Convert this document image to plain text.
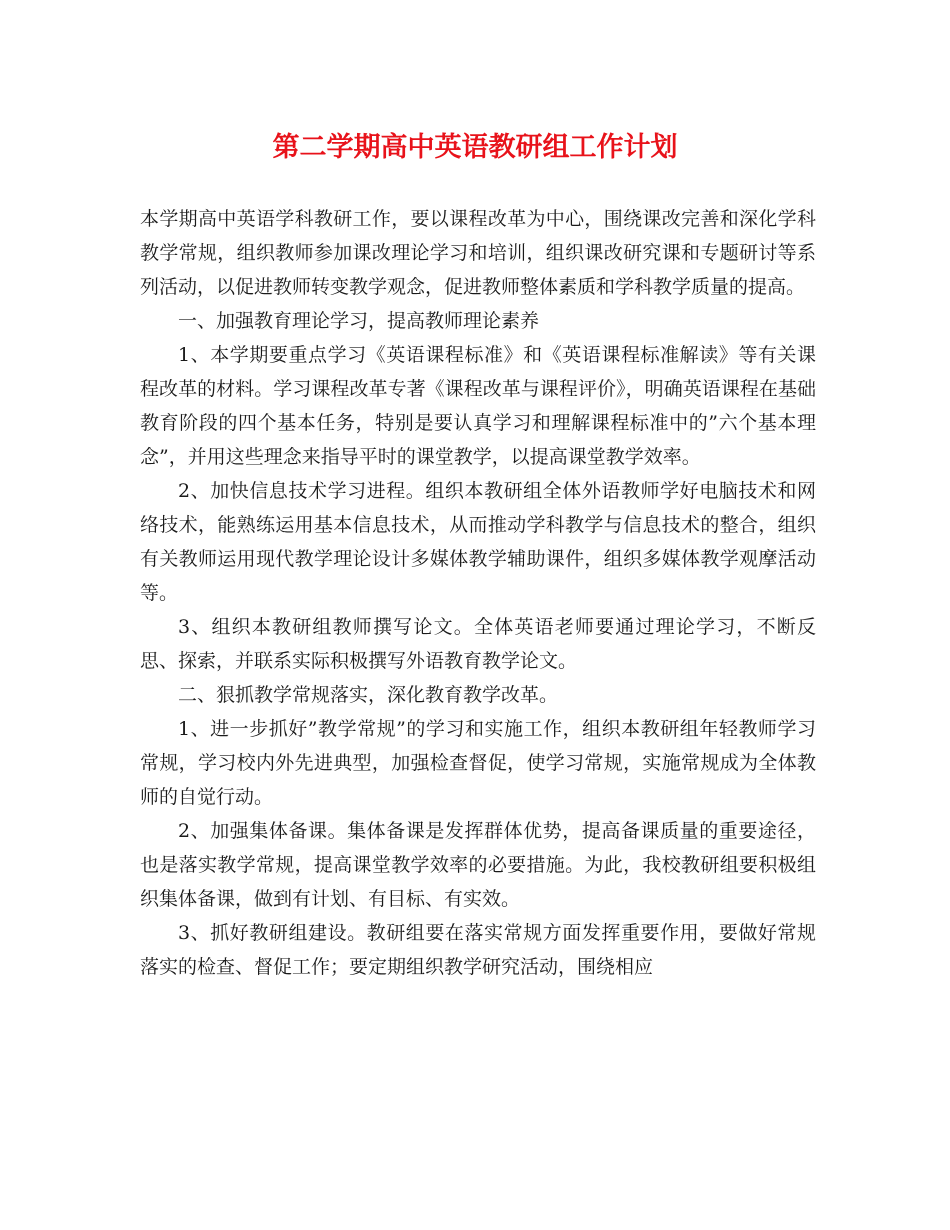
第二学期高中英语教研组工作计划

本学期高中英语学科教研工作，要以课程改革为中心，围绕课改完善和深化学科教学常规，组织教师参加课改理论学习和培训，组织课改研究课和专题研讨等系列活动，以促进教师转变教学观念，促进教师整体素质和学科教学质量的提高。

一、加强教育理论学习，提高教师理论素养

1、本学期要重点学习《英语课程标准》和《英语课程标准解读》等有关课程改革的材料。学习课程改革专著《课程改革与课程评价》，明确英语课程在基础教育阶段的四个基本任务，特别是要认真学习和理解课程标准中的”六个基本理念”，并用这些理念来指导平时的课堂教学，以提高课堂教学效率。

2、加快信息技术学习进程。组织本教研组全体外语教师学好电脑技术和网络技术，能熟练运用基本信息技术，从而推动学科教学与信息技术的整合，组织有关教师运用现代教学理论设计多媒体教学辅助课件，组织多媒体教学观摩活动等。

3、组织本教研组教师撰写论文。全体英语老师要通过理论学习，不断反思、探索，并联系实际积极撰写外语教育教学论文。

二、狠抓教学常规落实，深化教育教学改革。

1、进一步抓好”教学常规”的学习和实施工作，组织本教研组年轻教师学习常规，学习校内外先进典型，加强检查督促，使学习常规，实施常规成为全体教师的自觉行动。

2、加强集体备课。集体备课是发挥群体优势，提高备课质量的重要途径，也是落实教学常规，提高课堂教学效率的必要措施。为此，我校教研组要积极组织集体备课，做到有计划、有目标、有实效。

3、抓好教研组建设。教研组要在落实常规方面发挥重要作用，要做好常规落实的检查、督促工作；要定期组织教学研究活动，围绕相应
